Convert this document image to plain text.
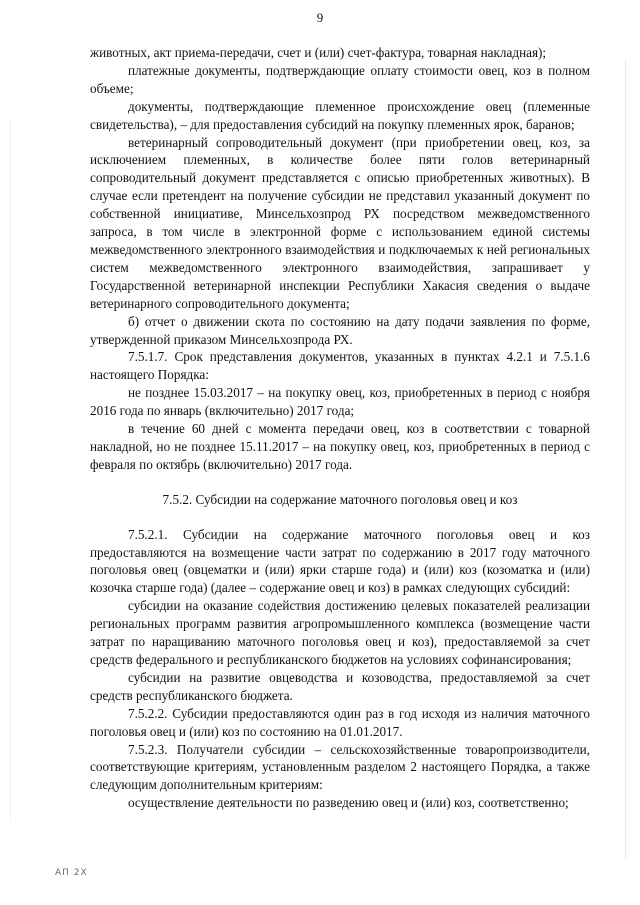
9

животных, акт приема-передачи, счет и (или) счет-фактура, товарная накладная);

платежные документы, подтверждающие оплату стоимости овец, коз в полном объеме;

документы, подтверждающие племенное происхождение овец (племенные свидетельства), – для предоставления субсидий на покупку племенных ярок, баранов;

ветеринарный сопроводительный документ (при приобретении овец, коз, за исключением племенных, в количестве более пяти голов ветеринарный сопроводительный документ представляется с описью приобретенных животных). В случае если претендент на получение субсидии не представил указанный документ по собственной инициативе, Минсельхозпрод РХ посредством межведомственного запроса, в том числе в электронной форме с использованием единой системы межведомственного электронного взаимодействия и подключаемых к ней региональных систем межведомственного электронного взаимодействия, запрашивает у Государственной ветеринарной инспекции Республики Хакасия сведения о выдаче ветеринарного сопроводительного документа;

б) отчет о движении скота по состоянию на дату подачи заявления по форме, утвержденной приказом Минсельхозпрода РХ.

7.5.1.7. Срок представления документов, указанных в пунктах 4.2.1 и 7.5.1.6 настоящего Порядка:

не позднее 15.03.2017 – на покупку овец, коз, приобретенных в период с ноября 2016 года по январь (включительно) 2017 года;

в течение 60 дней с момента передачи овец, коз в соответствии с товарной накладной, но не позднее 15.11.2017 – на покупку овец, коз, приобретенных в период с февраля по октябрь (включительно) 2017 года.

7.5.2. Субсидии на содержание маточного поголовья овец и коз

7.5.2.1. Субсидии на содержание маточного поголовья овец и коз предоставляются на возмещение части затрат по содержанию в 2017 году маточного поголовья овец (овцематки и (или) ярки старше года) и (или) коз (козоматка и (или) козочка старше года) (далее – содержание овец и коз) в рамках следующих субсидий:

субсидии на оказание содействия достижению целевых показателей реализации региональных программ развития агропромышленного комплекса (возмещение части затрат по наращиванию маточного поголовья овец и коз), предоставляемой за счет средств федерального и республиканского бюджетов на условиях софинансирования;

субсидии на развитие овцеводства и козоводства, предоставляемой за счет средств республиканского бюджета.

7.5.2.2. Субсидии предоставляются один раз в год исходя из наличия маточного поголовья овец и (или) коз по состоянию на 01.01.2017.

7.5.2.3. Получатели субсидии – сельскохозяйственные товаропроизводители, соответствующие критериям, установленным разделом 2 настоящего Порядка, а также следующим дополнительным критериям:

осуществление деятельности по разведению овец и (или) коз, соответственно;

АП 2Х
